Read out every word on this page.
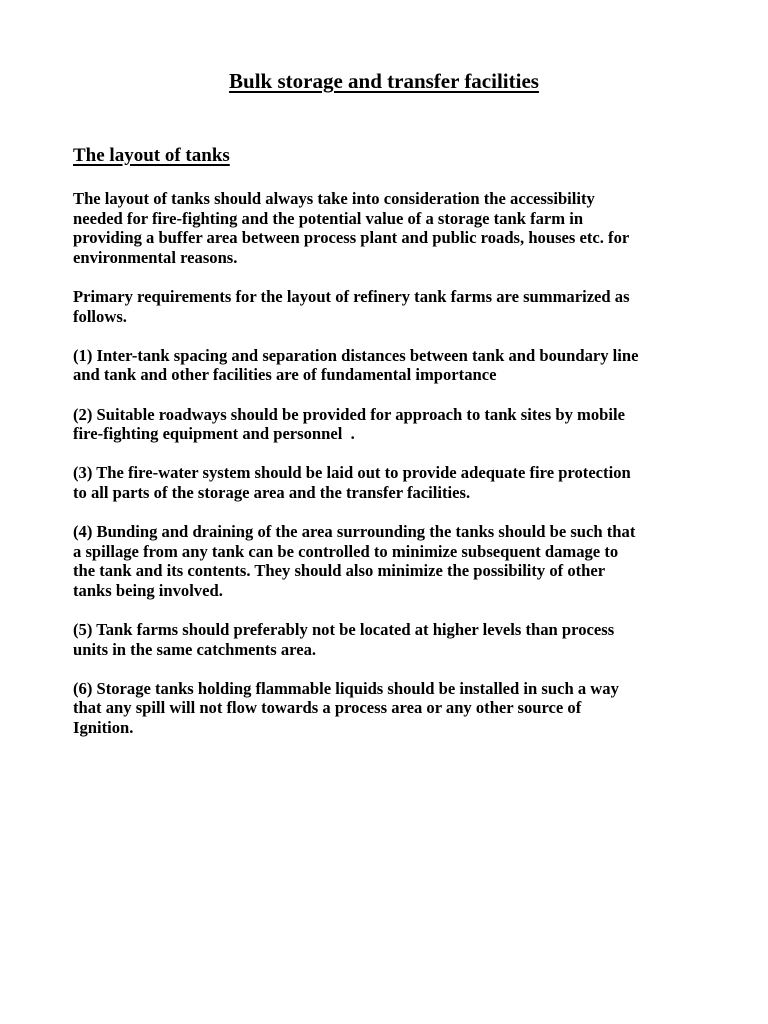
Bulk storage and transfer facilities
The layout of tanks

The layout of tanks should always take into consideration the accessibility
needed for fire-fighting and the potential value of a storage tank farm in
providing a buffer area between process plant and public roads, houses etc. for
environmental reasons.

Primary requirements for the layout of refinery tank farms are summarized as
follows.

(1) Inter-tank spacing and separation distances between tank and boundary line
and tank and other facilities are of fundamental importance

(2) Suitable roadways should be provided for approach to tank sites by mobile
fire-fighting equipment and personnel  .

(3) The fire-water system should be laid out to provide adequate fire protection
to all parts of the storage area and the transfer facilities.

(4) Bunding and draining of the area surrounding the tanks should be such that
a spillage from any tank can be controlled to minimize subsequent damage to
the tank and its contents. They should also minimize the possibility of other
tanks being involved.

(5) Tank farms should preferably not be located at higher levels than process
units in the same catchments area.

(6) Storage tanks holding flammable liquids should be installed in such a way
that any spill will not flow towards a process area or any other source of
Ignition.
